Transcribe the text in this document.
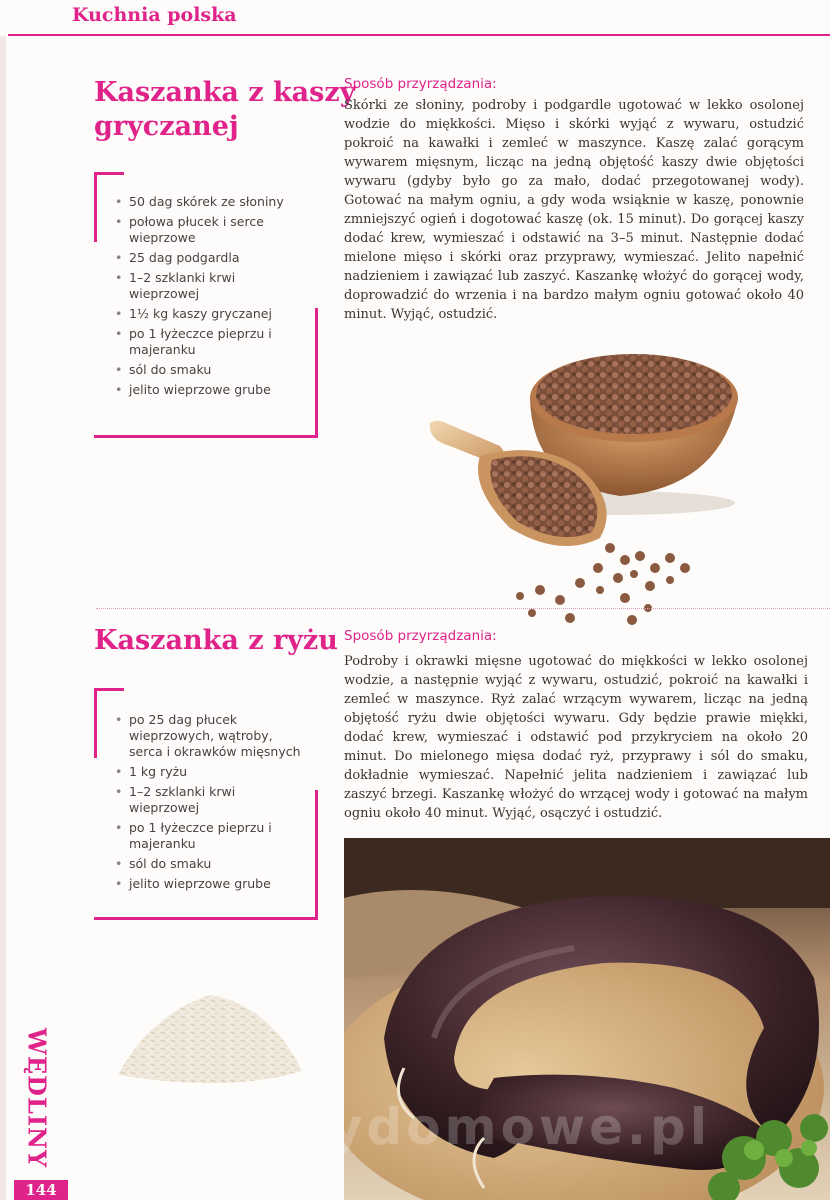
Kuchnia polska
Kaszanka z kaszy
gryczanej
• 50 dag skórek ze słoniny
• połowa płucek i serce wieprzowe
• 25 dag podgardla
• 1–2 szklanki krwi wieprzowej
• 1½ kg kaszy gryczanej
• po 1 łyżeczce pieprzu i majeranku
• sól do smaku
• jelito wieprzowe grube
Sposób przyrządzania:

Skórki ze słoniny, podroby i podgardle ugotować w lekko osolonej wodzie do miękkości. Mięso i skórki wyjąć z wywaru, ostudzić pokroić na kawałki i zemleć w maszynce. Kaszę zalać gorącym wywarem mięsnym, licząc na jedną objętość kaszy dwie objętości wywaru (gdyby było go za mało, dodać przegotowanej wody). Gotować na małym ogniu, a gdy woda wsiąknie w kaszę, ponownie zmniejszyć ogień i dogotować kaszę (ok. 15 minut). Do gorącej kaszy dodać krew, wymieszać i odstawić na 3–5 minut. Następnie dodać mielone mięso i skórki oraz przyprawy, wymieszać. Jelito napełnić nadzieniem i zawiązać lub zaszyć. Kaszankę włożyć do gorącej wody, doprowadzić do wrzenia i na bardzo małym ogniu gotować około 40 minut. Wyjąć, ostudzić.

Kaszanka z ryżu
• po 25 dag płucek wieprzowych, wątroby, serca i okrawków mięsnych
• 1 kg ryżu
• 1–2 szklanki krwi wieprzowej
• po 1 łyżeczce pieprzu i majeranku
• sól do smaku
• jelito wieprzowe grube
Sposób przyrządzania:

Podroby i okrawki mięsne ugotować do miękkości w lekko osolonej wodzie, a następnie wyjąć z wywaru, ostudzić, pokroić na kawałki i zemleć w maszynce. Ryż zalać wrzącym wywarem, licząc na jedną objętość ryżu dwie objętości wywaru. Gdy będzie prawie miękki, dodać krew, wymieszać i odstawić pod przykryciem na około 20 minut. Do mielonego mięsa dodać ryż, przyprawy i sól do smaku, dokładnie wymieszać. Napełnić jelita nadzieniem i zawiązać lub zaszyć brzegi. Kaszankę włożyć do wrzącej wody i gotować na małym ogniu około 40 minut. Wyjąć, osączyć i ostudzić.

wedlinydomowe.pl
WĘDLINY
144
